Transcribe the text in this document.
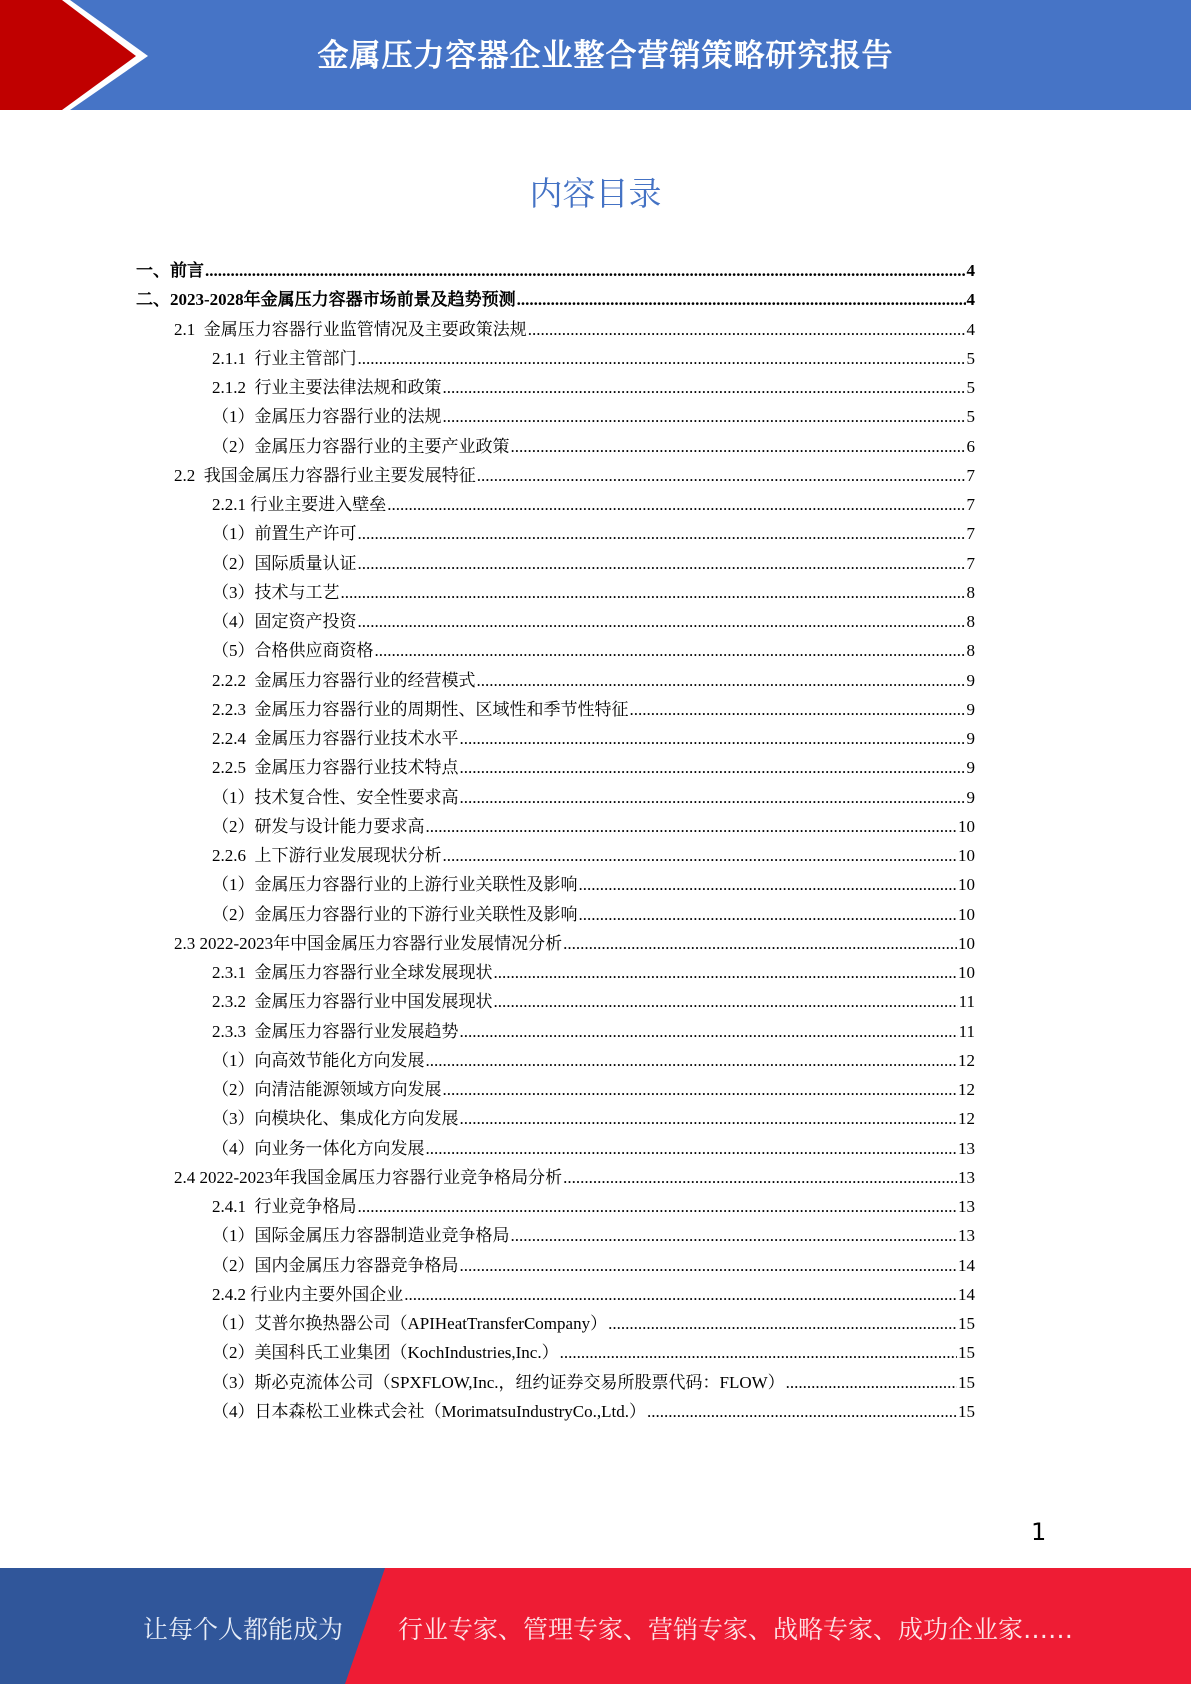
金属压力容器企业整合营销策略研究报告
内容目录
一、前言 .....	4
二、2023-2028年金属压力容器市场前景及趋势预测 .....	4
2.1  金属压力容器行业监管情况及主要政策法规 .....	4
2.1.1  行业主管部门 .....	5
2.1.2  行业主要法律法规和政策 .....	5
（1）金属压力容器行业的法规 .....	5
（2）金属压力容器行业的主要产业政策 .....	6
2.2  我国金属压力容器行业主要发展特征 .....	7
2.2.1 行业主要进入壁垒 .....	7
（1）前置生产许可 .....	7
（2）国际质量认证 .....	7
（3）技术与工艺 .....	8
（4）固定资产投资 .....	8
（5）合格供应商资格 .....	8
2.2.2  金属压力容器行业的经营模式 .....	9
2.2.3  金属压力容器行业的周期性、区域性和季节性特征 .....	9
2.2.4  金属压力容器行业技术水平 .....	9
2.2.5  金属压力容器行业技术特点 .....	9
（1）技术复合性、安全性要求高 .....	9
（2）研发与设计能力要求高 .....	10
2.2.6  上下游行业发展现状分析 .....	10
（1）金属压力容器行业的上游行业关联性及影响 .....	10
（2）金属压力容器行业的下游行业关联性及影响 .....	10
2.3 2022-2023年中国金属压力容器行业发展情况分析 .....	10
2.3.1  金属压力容器行业全球发展现状 .....	10
2.3.2  金属压力容器行业中国发展现状 .....	11
2.3.3  金属压力容器行业发展趋势 .....	11
（1）向高效节能化方向发展 .....	12
（2）向清洁能源领域方向发展 .....	12
（3）向模块化、集成化方向发展 .....	12
（4）向业务一体化方向发展 .....	13
2.4 2022-2023年我国金属压力容器行业竞争格局分析 .....	13
2.4.1  行业竞争格局 .....	13
（1）国际金属压力容器制造业竞争格局 .....	13
（2）国内金属压力容器竞争格局 .....	14
2.4.2 行业内主要外国企业 .....	14
（1）艾普尔换热器公司（APIHeatTransferCompany） .....	15
（2）美国科氏工业集团（KochIndustries,Inc.） .....	15
（3）斯必克流体公司（SPXFLOW,Inc.，纽约证券交易所股票代码：FLOW） .....	15
（4）日本森松工业株式会社（MorimatsuIndustryCo.,Ltd.） .....	15
1
让每个人都能成为 行业专家、管理专家、营销专家、战略专家、成功企业家……
